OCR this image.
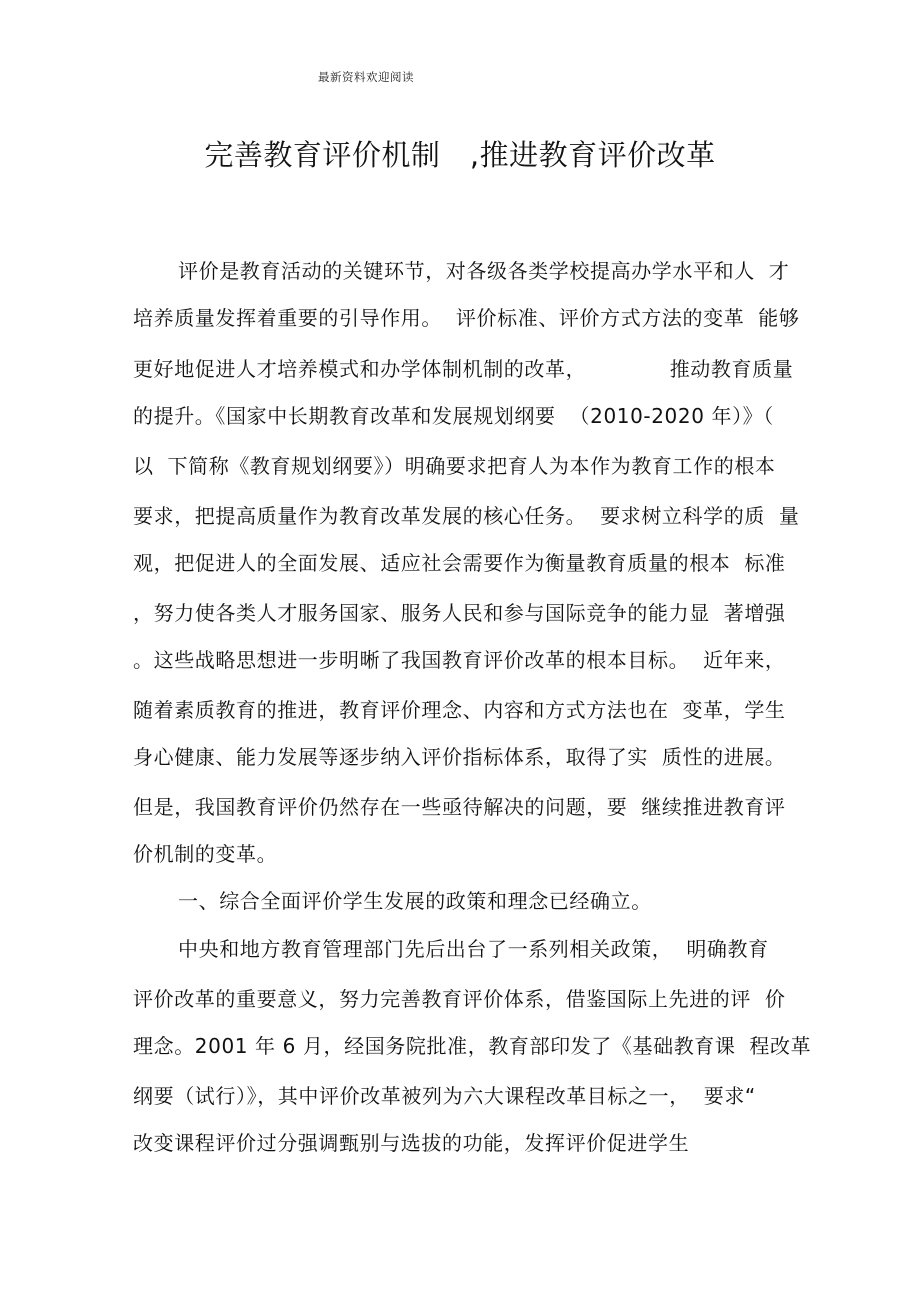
最新资料欢迎阅读
完善教育评价机制　,推进教育评价改革
评价是教育活动的关键环节，对各级各类学校提高办学水平和人  才
培养质量发挥着重要的引导作用。  评价标准、评价方式方法的变革  能够
更好地促进人才培养模式和办学体制机制的改革，            推动教育质量
的提升。《国家中长期教育改革和发展规划纲要  （2010-2020 年）》（
以  下简称《教育规划纲要》）明确要求把育人为本作为教育工作的根本
要求，把提高质量作为教育改革发展的核心任务。  要求树立科学的质  量
观，把促进人的全面发展、适应社会需要作为衡量教育质量的根本  标准
，努力使各类人才服务国家、服务人民和参与国际竞争的能力显  著增强
。这些战略思想进一步明晰了我国教育评价改革的根本目标。  近年来，
随着素质教育的推进，教育评价理念、内容和方式方法也在  变革，学生
身心健康、能力发展等逐步纳入评价指标体系，取得了实  质性的进展。
但是，我国教育评价仍然存在一些亟待解决的问题，要  继续推进教育评
价机制的变革。
一、综合全面评价学生发展的政策和理念已经确立。
中央和地方教育管理部门先后出台了一系列相关政策，  明确教育
评价改革的重要意义，努力完善教育评价体系，借鉴国际上先进的评  价
理念。2001 年 6 月，经国务院批准，教育部印发了《基础教育课  程改革
纲要（试行）》，其中评价改革被列为六大课程改革目标之一，  要求“
改变课程评价过分强调甄别与选拔的功能，发挥评价促进学生
